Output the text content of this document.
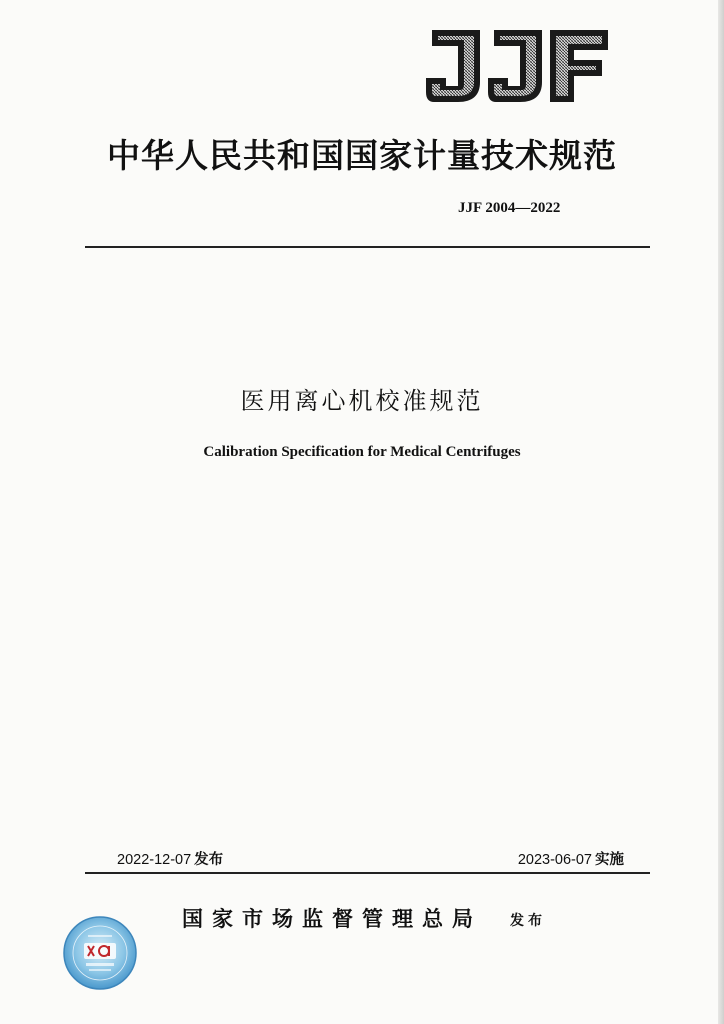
中华人民共和国国家计量技术规范
JJF 2004—2022
医用离心机校准规范
Calibration Specification for Medical Centrifuges
2022-12-07 发布	2023-06-07 实施
国家市场监督管理总局 发布
